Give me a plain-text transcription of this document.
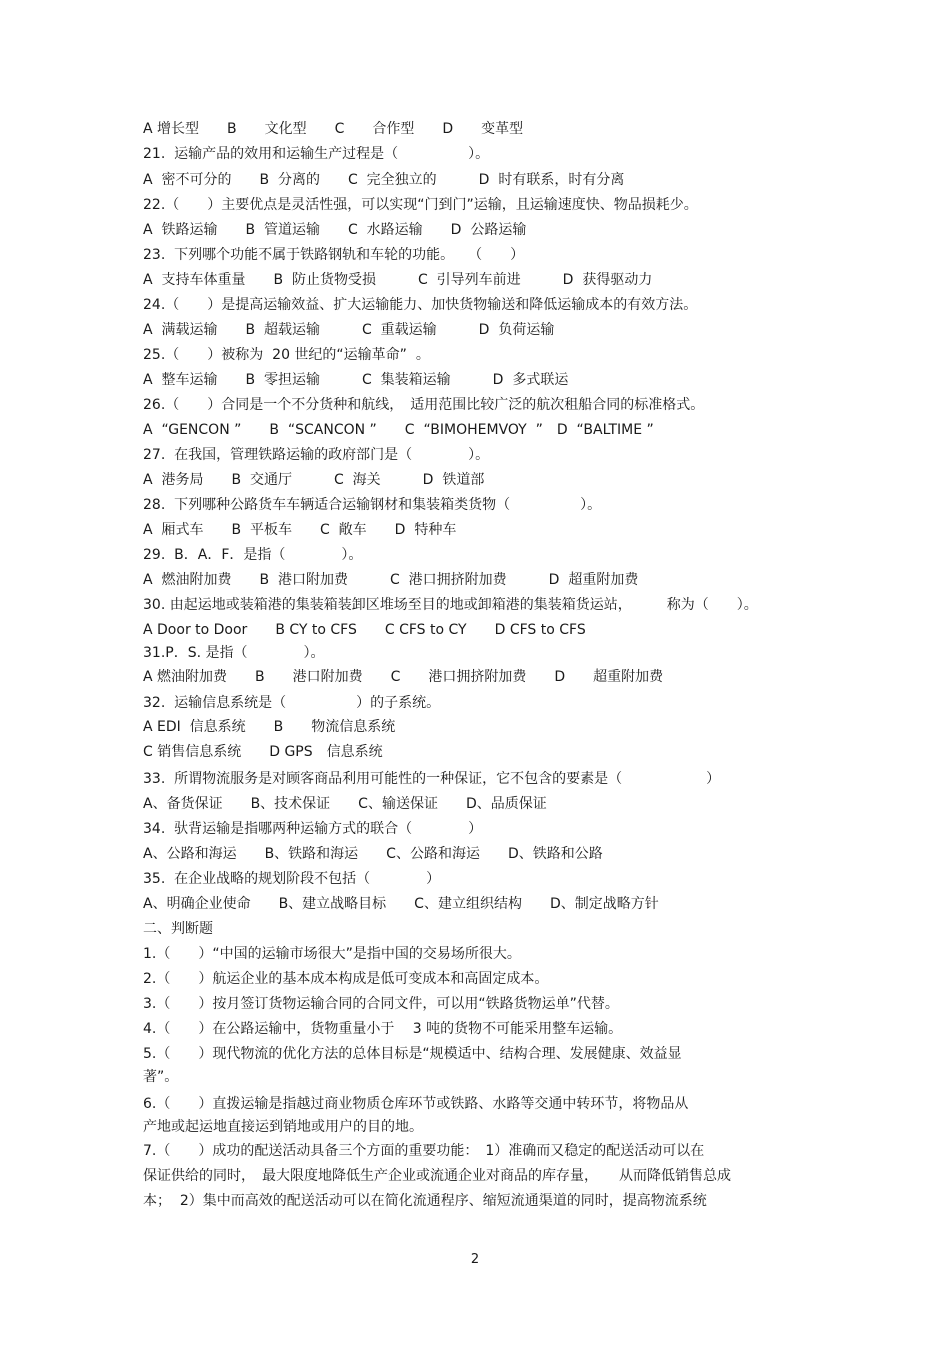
A 增长型　　B　　文化型　　C　　合作型　　D　　变革型
21.  运输产品的效用和运输生产过程是（　　　　　）。
A  密不可分的　　B  分离的　　C  完全独立的　　　D  时有联系，时有分离
22.（　　）主要优点是灵活性强，可以实现“门到门”运输，且运输速度快、物品损耗少。
A  铁路运输　　B  管道运输　　C  水路运输　　D  公路运输
23.  下列哪个功能不属于铁路钢轨和车轮的功能。　　（　　）
A  支持车体重量　　B  防止货物受损　　　C  引导列车前进　　　D  获得驱动力
24.（　　）是提高运输效益、扩大运输能力、加快货物输送和降低运输成本的有效方法。
A  满载运输　　B  超载运输　　　C  重载运输　　　D  负荷运输
25.（　　）被称为  20 世纪的“运输革命”  。
A  整车运输　　B  零担运输　　　C  集装箱运输　　　D  多式联运
26.（　　）合同是一个不分货种和航线，　适用范围比较广泛的航次租船合同的标准格式。
A  “GENCON ”　　B  “SCANCON ”　　C  “BIMOHEMVOY  ”　D  “BALTIME ”
27.  在我国，管理铁路运输的政府部门是（　　　　）。
A  港务局　　B  交通厅　　　C  海关　　　D  铁道部
28.  下列哪种公路货车车辆适合运输钢材和集装箱类货物（　　　　　）。
A  厢式车　　B  平板车　　C  敞车　　D  特种车
29.  B．A．F．是指（　　　　）。
A  燃油附加费　　B  港口附加费　　　C  港口拥挤附加费　　　D  超重附加费
30. 由起运地或装箱港的集装箱装卸区堆场至目的地或卸箱港的集装箱货运站，　　　称为（　　）。
A Door to Door　　B CY to CFS　　C CFS to CY　　D CFS to CFS
31.P．S. 是指（　　　　）。
A 燃油附加费　　B　　港口附加费　　C　　港口拥挤附加费　　D　　超重附加费
32.  运输信息系统是（　　　　　）的子系统。
A EDI  信息系统　　B　　物流信息系统
C 销售信息系统　　D GPS　信息系统
33.  所谓物流服务是对顾客商品利用可能性的一种保证，它不包含的要素是（　　　　　　）
A、备货保证　　B、技术保证　　C、输送保证　　D、品质保证
34.  驮背运输是指哪两种运输方式的联合（　　　　）
A、公路和海运　　B、铁路和海运　　C、公路和海运　　D、铁路和公路
35.  在企业战略的规划阶段不包括（　　　　）
A、明确企业使命　　B、建立战略目标　　C、建立组织结构　　D、制定战略方针
二、判断题
1.（　　）“中国的运输市场很大”是指中国的交易场所很大。
2.（　　）航运企业的基本成本构成是低可变成本和高固定成本。
3.（　　）按月签订货物运输合同的合同文件，可以用“铁路货物运单”代替。
4.（　　）在公路运输中，货物重量小于　 3 吨的货物不可能采用整车运输。
5.（　　）现代物流的优化方法的总体目标是“规模适中、结构合理、发展健康、效益显
著”。
6.（　　）直拨运输是指越过商业物质仓库环节或铁路、水路等交通中转环节，将物品从
产地或起运地直接运到销地或用户的目的地。
7.（　　）成功的配送活动具备三个方面的重要功能：　1）准确而又稳定的配送活动可以在
保证供给的同时，　最大限度地降低生产企业或流通企业对商品的库存量，　　从而降低销售总成
本；  2）集中而高效的配送活动可以在简化流通程序、缩短流通渠道的同时，提高物流系统
2
